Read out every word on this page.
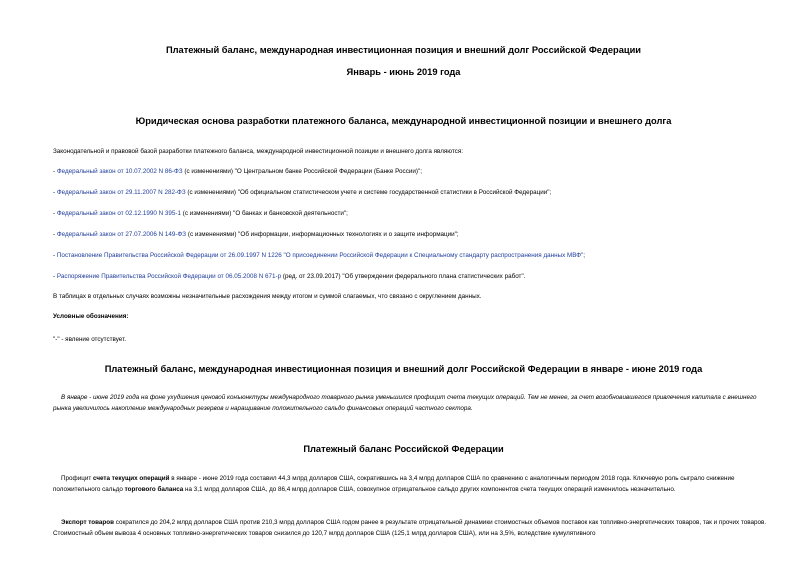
Платежный баланс, международная инвестиционная позиция и внешний долг Российской Федерации
Январь - июнь 2019 года
Юридическая основа разработки платежного баланса, международной инвестиционной позиции и внешнего долга
Законодательной и правовой базой разработки платежного баланса, международной инвестиционной позиции и внешнего долга являются:
- Федеральный закон от 10.07.2002 N 86-ФЗ (с изменениями) "О Центральном банке Российской Федерации (Банке России)";
- Федеральный закон от 29.11.2007 N 282-ФЗ (с изменениями) "Об официальном статистическом учете и системе государственной статистики в Российской Федерации";
- Федеральный закон от 02.12.1990 N 395-1 (с изменениями) "О банках и банковской деятельности";
- Федеральный закон от 27.07.2006 N 149-ФЗ (с изменениями) "Об информации, информационных технологиях и о защите информации";
- Постановление Правительства Российской Федерации от 26.09.1997 N 1226 "О присоединении Российской Федерации к Специальному стандарту распространения данных МВФ";
- Распоряжение Правительства Российской Федерации от 06.05.2008 N 671-р (ред. от 23.09.2017) "Об утверждении федерального плана статистических работ".
В таблицах в отдельных случаях возможны незначительные расхождения между итогом и суммой слагаемых, что связано с округлением данных.
Условные обозначения:
"-" - явление отсутствует.
Платежный баланс, международная инвестиционная позиция и внешний долг Российской Федерации в январе - июне 2019 года
В январе - июне 2019 года на фоне ухудшения ценовой конъюнктуры международного товарного рынка уменьшился профицит счета текущих операций. Тем не менее, за счет возобновившегося привлечения капитала с внешнего рынка увеличилось накопление международных резервов и наращивание положительного сальдо финансовых операций частного сектора.
Платежный баланс Российской Федерации
Профицит счета текущих операций в январе - июне 2019 года составил 44,3 млрд долларов США, сократившись на 3,4 млрд долларов США по сравнению с аналогичным периодом 2018 года. Ключевую роль сыграло снижение положительного сальдо торгового баланса на 3,1 млрд долларов США, до 86,4 млрд долларов США, совокупное отрицательное сальдо других компонентов счета текущих операций изменилось незначительно.
Экспорт товаров сократился до 204,2 млрд долларов США против 210,3 млрд долларов США годом ранее в результате отрицательной динамики стоимостных объемов поставок как топливно-энергетических товаров, так и прочих товаров. Стоимостный объем вывоза 4 основных топливно-энергетических товаров снизился до 120,7 млрд долларов США (125,1 млрд долларов США), или на 3,5%, вследствие кумулятивного
